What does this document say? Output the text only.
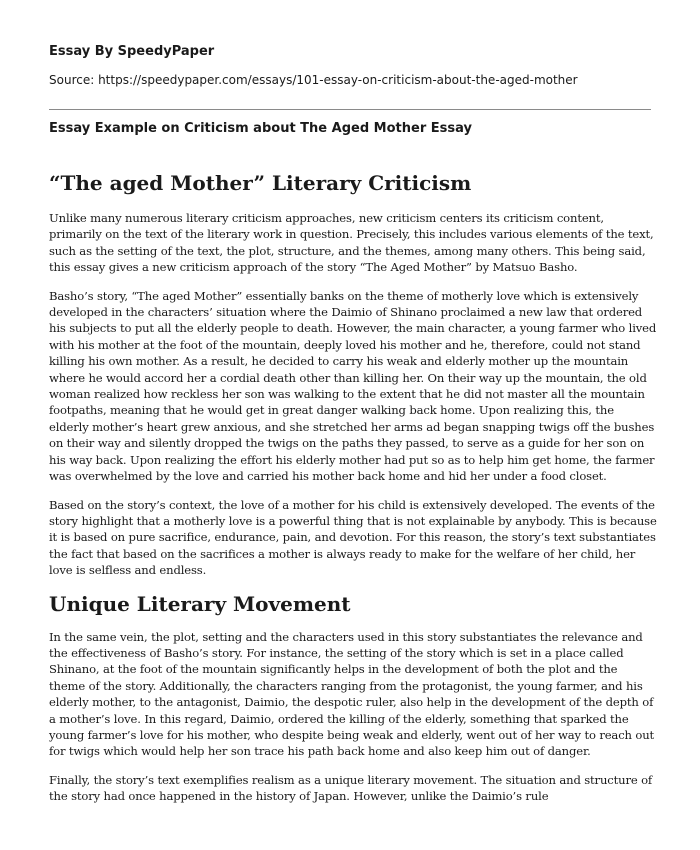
Essay By SpeedyPaper
Source: https://speedypaper.com/essays/101-essay-on-criticism-about-the-aged-mother
Essay Example on Criticism about The Aged Mother Essay
“The aged Mother” Literary Criticism

Unlike many numerous literary criticism approaches, new criticism centers its criticism content, primarily on the text of the literary work in question. Precisely, this includes various elements of the text, such as the setting of the text, the plot, structure, and the themes, among many others. This being said, this essay gives a new criticism approach of the story “The Aged Mother” by Matsuo Basho.

Basho’s story, “The aged Mother” essentially banks on the theme of motherly love which is extensively developed in the characters’ situation where the Daimio of Shinano proclaimed a new law that ordered his subjects to put all the elderly people to death. However, the main character, a young farmer who lived with his mother at the foot of the mountain, deeply loved his mother and he, therefore, could not stand killing his own mother. As a result, he decided to carry his weak and elderly mother up the mountain where he would accord her a cordial death other than killing her. On their way up the mountain, the old woman realized how reckless her son was walking to the extent that he did not master all the mountain footpaths, meaning that he would get in great danger walking back home. Upon realizing this, the elderly mother’s heart grew anxious, and she stretched her arms ad began snapping twigs off the bushes on their way and silently dropped the twigs on the paths they passed, to serve as a guide for her son on his way back. Upon realizing the effort his elderly mother had put so as to help him get home, the farmer was overwhelmed by the love and carried his mother back home and hid her under a food closet.

Based on the story’s context, the love of a mother for his child is extensively developed. The events of the story highlight that a motherly love is a powerful thing that is not explainable by anybody. This is because it is based on pure sacrifice, endurance, pain, and devotion. For this reason, the story’s text substantiates the fact that based on the sacrifices a mother is always ready to make for the welfare of her child, her love is selfless and endless.

Unique Literary Movement

In the same vein, the plot, setting and the characters used in this story substantiates the relevance and the effectiveness of Basho’s story. For instance, the setting of the story which is set in a place called Shinano, at the foot of the mountain significantly helps in the development of both the plot and the theme of the story. Additionally, the characters ranging from the protagonist, the young farmer, and his elderly mother, to the antagonist, Daimio, the despotic ruler, also help in the development of the depth of a mother’s love. In this regard, Daimio, ordered the killing of the elderly, something that sparked the young farmer’s love for his mother, who despite being weak and elderly, went out of her way to reach out for twigs which would help her son trace his path back home and also keep him out of danger.

Finally, the story’s text exemplifies realism as a unique literary movement. The situation and structure of the story had once happened in the history of Japan. However, unlike the Daimio’s rule
